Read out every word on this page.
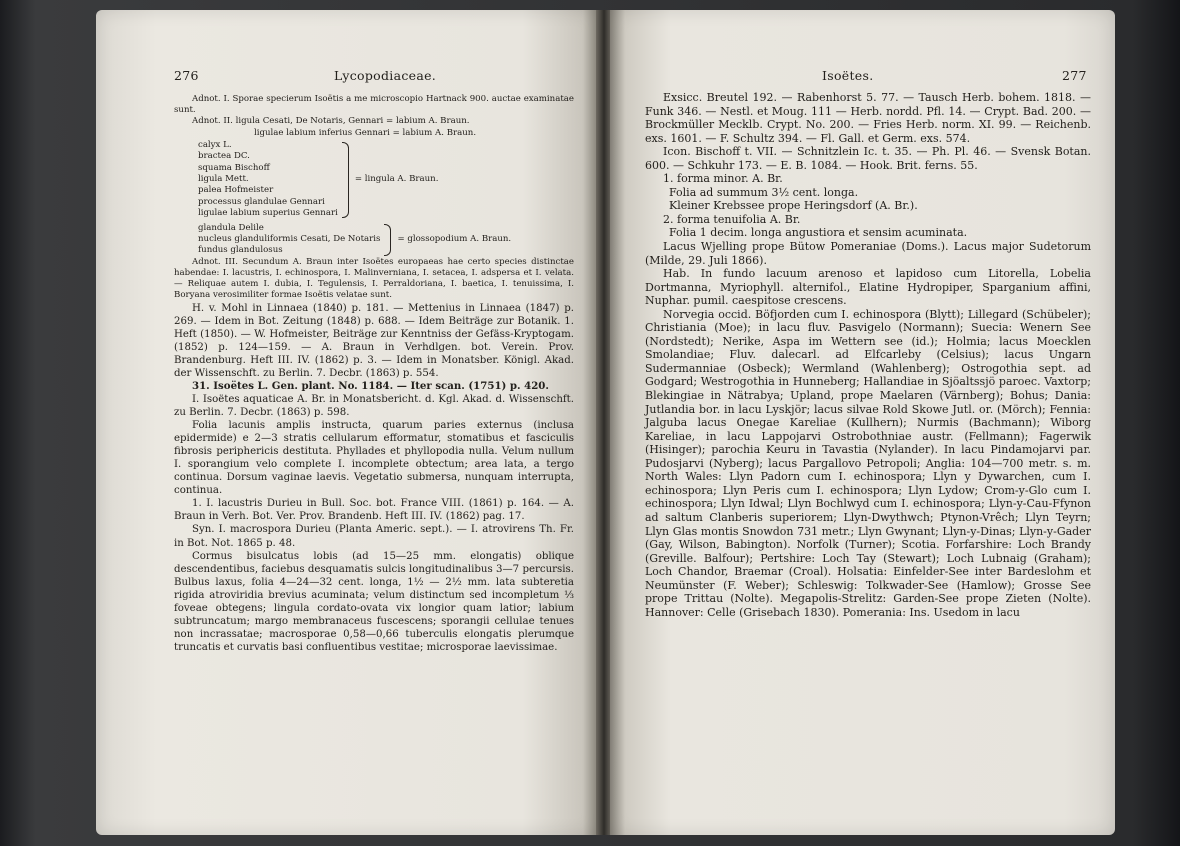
276	Lycopodiaceae.

Adnot. I. Sporae specierum Isoëtis a me microscopio Hartnack 900. auctae examinatae sunt.

Adnot. II. ligula Cesati, De Notaris, Gennari = labium A. Braun.

ligulae labium inferius Gennari = labium A. Braun.

calyx L.
bractea DC.
squama Bischoff
ligula Mett.
palea Hofmeister
processus glandulae Gennari
ligulae labium superius Gennari
= lingula A. Braun.
glandula Delile
nucleus glanduliformis Cesati, De Notaris
fundus glandulosus
= glossopodium A. Braun.

Adnot. III. Secundum A. Braun inter Isoëtes europaeas hae certo species distinctae habendae: I. lacustris, I. echinospora, I. Malinverniana, I. setacea, I. adspersa et I. velata. — Reliquae autem I. dubia, I. Tegulensis, I. Perraldoriana, I. baetica, I. tenuissima, I. Boryana verosimiliter formae Isoëtis velatae sunt.

H. v. Mohl in Linnaea (1840) p. 181. — Mettenius in Linnaea (1847) p. 269. — Idem in Bot. Zeitung (1848) p. 688. — Idem Beiträge zur Botanik. 1. Heft (1850). — W. Hofmeister, Beiträge zur Kenntniss der Gefäss-Kryptogam. (1852) p. 124—159. — A. Braun in Verhdlgen. bot. Verein. Prov. Brandenburg. Heft III. IV. (1862) p. 3. — Idem in Monatsber. Königl. Akad. der Wissenschft. zu Berlin. 7. Decbr. (1863) p. 554.

31. Isoëtes L. Gen. plant. No. 1184. — Iter scan. (1751) p. 420.

I. Isoëtes aquaticae A. Br. in Monatsbericht. d. Kgl. Akad. d. Wissenschft. zu Berlin. 7. Decbr. (1863) p. 598.

Folia lacunis amplis instructa, quarum paries externus (inclusa epidermide) e 2—3 stratis cellularum efformatur, stomatibus et fasciculis fibrosis periphericis destituta. Phyllades et phyllopodia nulla. Velum nullum I. sporangium velo complete I. incomplete obtectum; area lata, a tergo continua. Dorsum vaginae laevis. Vegetatio submersa, nunquam interrupta, continua.

1. I. lacustris Durieu in Bull. Soc. bot. France VIII. (1861) p. 164. — A. Braun in Verh. Bot. Ver. Prov. Brandenb. Heft III. IV. (1862) pag. 17.

Syn. I. macrospora Durieu (Planta Americ. sept.). — I. atrovirens Th. Fr. in Bot. Not. 1865 p. 48.

Cormus bisulcatus lobis (ad 15—25 mm. elongatis) oblique descendentibus, faciebus desquamatis sulcis longitudinalibus 3—7 percursis. Bulbus laxus, folia 4—24—32 cent. longa, 1½ — 2½ mm. lata subteretia rigida atroviridia brevius acuminata; velum distinctum sed incompletum ⅓ foveae obtegens; lingula cordato-ovata vix longior quam latior; labium subtruncatum; margo membranaceus fuscescens; sporangii cellulae tenues non incrassatae; macrosporae 0,58—0,66 tuberculis elongatis plerumque truncatis et curvatis basi confluentibus vestitae; microsporae laevissimae.

Isoëtes.	277

Exsicc. Breutel 192. — Rabenhorst 5. 77. — Tausch Herb. bohem. 1818. — Funk 346. — Nestl. et Moug. 111 — Herb. nordd. Pfl. 14. — Crypt. Bad. 200. — Brockmüller Mecklb. Crypt. No. 200. — Fries Herb. norm. XI. 99. — Reichenb. exs. 1601. — F. Schultz 394. — Fl. Gall. et Germ. exs. 574.

Icon. Bischoff t. VII. — Schnitzlein Ic. t. 35. — Ph. Pl. 46. — Svensk Botan. 600. — Schkuhr 173. — E. B. 1084. — Hook. Brit. ferns. 55.

1. forma minor. A. Br.

Folia ad summum 3½ cent. longa.

Kleiner Krebssee prope Heringsdorf (A. Br.).

2. forma tenuifolia A. Br.

Folia 1 decim. longa angustiora et sensim acuminata.

Lacus Wjelling prope Bütow Pomeraniae (Doms.). Lacus major Sudetorum (Milde, 29. Juli 1866).

Hab. In fundo lacuum arenoso et lapidoso cum Litorella, Lobelia Dortmanna, Myriophyll. alternifol., Elatine Hydropiper, Sparganium affini, Nuphar. pumil. caespitose crescens.

Norvegia occid. Böfjorden cum I. echinospora (Blytt); Lillegard (Schübeler); Christiania (Moe); in lacu fluv. Pasvigelo (Normann); Suecia: Wenern See (Nordstedt); Nerike, Aspa im Wettern see (id.); Holmia; lacus Moecklen Smolandiae; Fluv. dalecarl. ad Elfcarleby (Celsius); lacus Ungarn Sudermanniae (Osbeck); Wermland (Wahlenberg); Ostrogothia sept. ad Godgard; Westrogothia in Hunneberg; Hallandiae in Sjöaltssjö paroec. Vaxtorp; Blekingiae in Nätrabya; Upland, prope Maelaren (Värnberg); Bohus; Dania: Jutlandia bor. in lacu Lyskjör; lacus silvae Rold Skowe Jutl. or. (Mörch); Fennia: Jalguba lacus Onegae Kareliae (Kullhern); Nurmis (Bachmann); Wiborg Kareliae, in lacu Lappojarvi Ostrobothniae austr. (Fellmann); Fagerwik (Hisinger); parochia Keuru in Tavastia (Nylander). In lacu Pindamojarvi par. Pudosjarvi (Nyberg); lacus Pargallovo Petropoli; Anglia: 104—700 metr. s. m. North Wales: Llyn Padorn cum I. echinospora; Llyn y Dywarchen, cum I. echinospora; Llyn Peris cum I. echinospora; Llyn Lydow; Crom-y-Glo cum I. echinospora; Llyn Idwal; Llyn Bochlwyd cum I. echinospora; Llyn-y-Cau-Ffynon ad saltum Clanberis superiorem; Llyn-Dwythwch; Ptynon-Vrêch; Llyn Teyrn; Llyn Glas montis Snowdon 731 metr.; Llyn Gwynant; Llyn-y-Dinas; Llyn-y-Gader (Gay, Wilson, Babington). Norfolk (Turner); Scotia. Forfarshire: Loch Brandy (Greville. Balfour); Pertshire: Loch Tay (Stewart); Loch Lubnaig (Graham); Loch Chandor, Braemar (Croal). Holsatia: Einfelder-See inter Bardeslohm et Neumünster (F. Weber); Schleswig: Tolkwader-See (Hamlow); Grosse See prope Trittau (Nolte). Megapolis-Strelitz: Garden-See prope Zieten (Nolte). Hannover: Celle (Grisebach 1830). Pomerania: Ins. Usedom in lacu
